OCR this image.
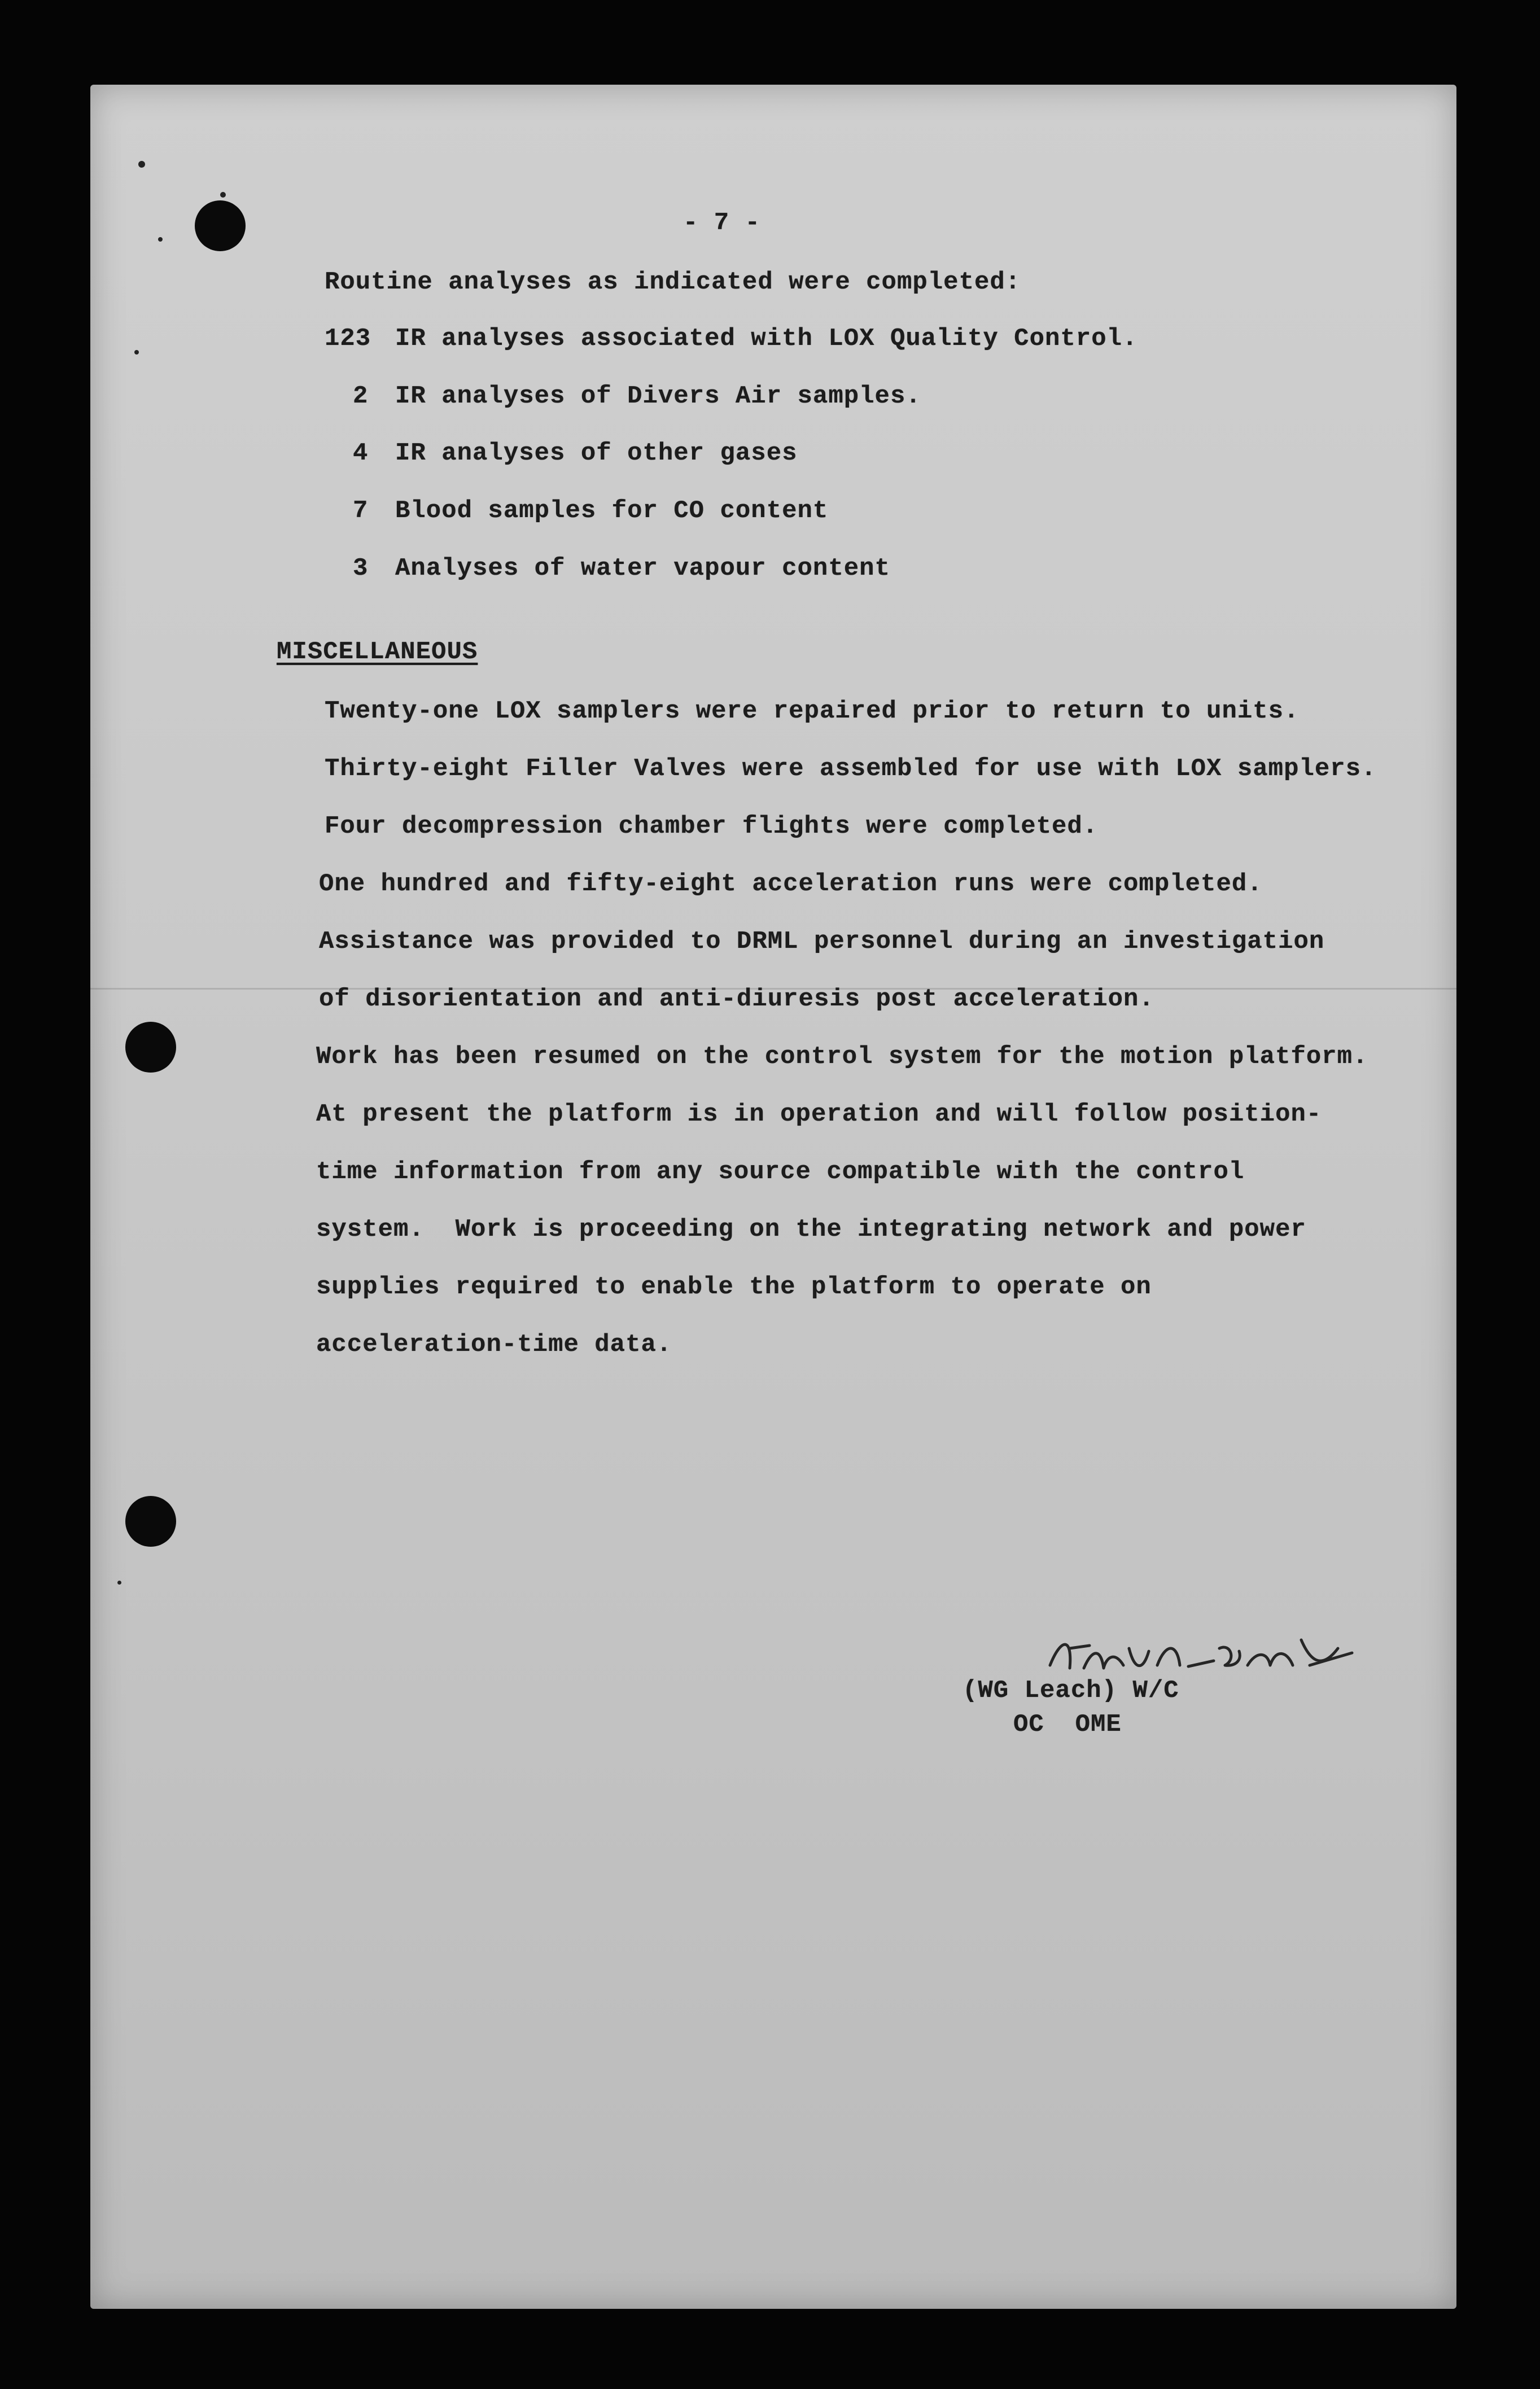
- 7 -
Routine analyses as indicated were completed:
123 IR analyses associated with LOX Quality Control.
2 IR analyses of Divers Air samples.
4 IR analyses of other gases
7 Blood samples for CO content
3 Analyses of water vapour content
MISCELLANEOUS
Twenty-one LOX samplers were repaired prior to return to units.
Thirty-eight Filler Valves were assembled for use with LOX samplers.
Four decompression chamber flights were completed.
One hundred and fifty-eight acceleration runs were completed.
Assistance was provided to DRML personnel during an investigation
of disorientation and anti-diuresis post acceleration.
Work has been resumed on the control system for the motion platform.
At present the platform is in operation and will follow position-
time information from any source compatible with the control
system.  Work is proceeding on the integrating network and power
supplies required to enable the platform to operate on
acceleration-time data.
(WG Leach) W/C
OC  OME
